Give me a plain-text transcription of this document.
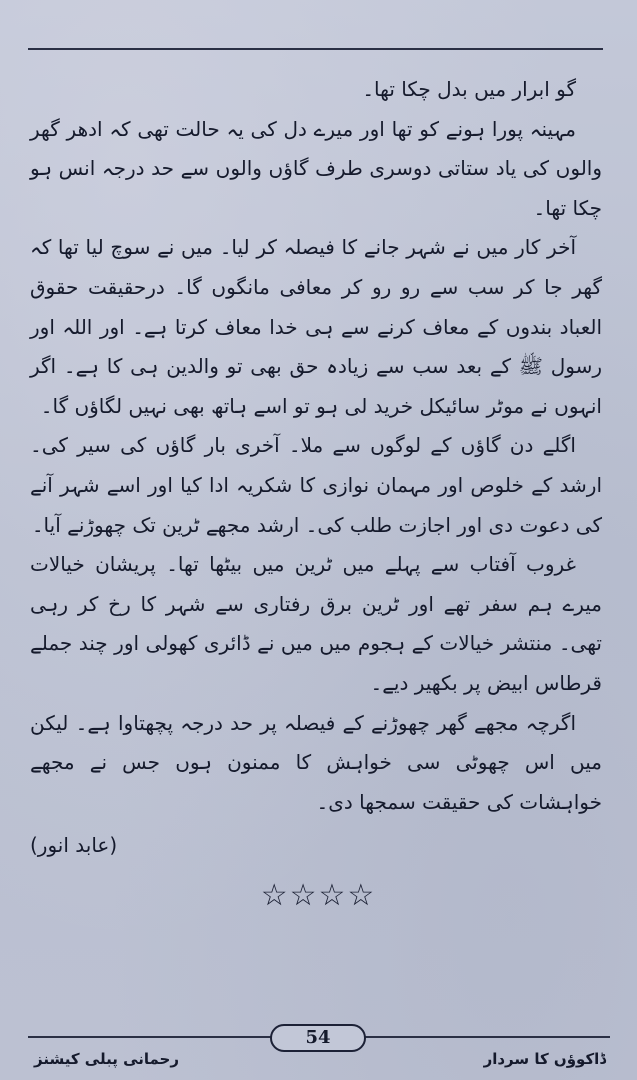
گو ابرار میں بدل چکا تھا۔

مہینہ پورا ہونے کو تھا اور میرے دل کی یہ حالت تھی کہ ادھر گھر والوں کی یاد ستاتی دوسری طرف گاؤں والوں سے حد درجہ انس ہو چکا تھا۔

آخر کار میں نے شہر جانے کا فیصلہ کر لیا۔ میں نے سوچ لیا تھا کہ گھر جا کر سب سے رو رو کر معافی مانگوں گا۔ درحقیقت حقوق العباد بندوں کے معاف کرنے سے ہی خدا معاف کرتا ہے۔ اور اللہ اور رسول ﷺ کے بعد سب سے زیادہ حق بھی تو والدین ہی کا ہے۔ اگر انہوں نے موٹر سائیکل خرید لی ہو تو اسے ہاتھ بھی نہیں لگاؤں گا۔

اگلے دن گاؤں کے لوگوں سے ملا۔ آخری بار گاؤں کی سیر کی۔ ارشد کے خلوص اور مہمان نوازی کا شکریہ ادا کیا اور اسے شہر آنے کی دعوت دی اور اجازت طلب کی۔ ارشد مجھے ٹرین تک چھوڑنے آیا۔

غروب آفتاب سے پہلے میں ٹرین میں بیٹھا تھا۔ پریشان خیالات میرے ہم سفر تھے اور ٹرین برق رفتاری سے شہر کا رخ کر رہی تھی۔ منتشر خیالات کے ہجوم میں میں نے ڈائری کھولی اور چند جملے قرطاس ابیض پر بکھیر دیے۔

اگرچہ مجھے گھر چھوڑنے کے فیصلہ پر حد درجہ پچھتاوا ہے۔ لیکن میں اس چھوٹی سی خواہش کا ممنون ہوں جس نے مجھے خواہشات کی حقیقت سمجھا دی۔

(عابد انور)

☆☆☆☆
ڈاکوؤں کا سردار
رحمانی پبلی کیشنز
54
